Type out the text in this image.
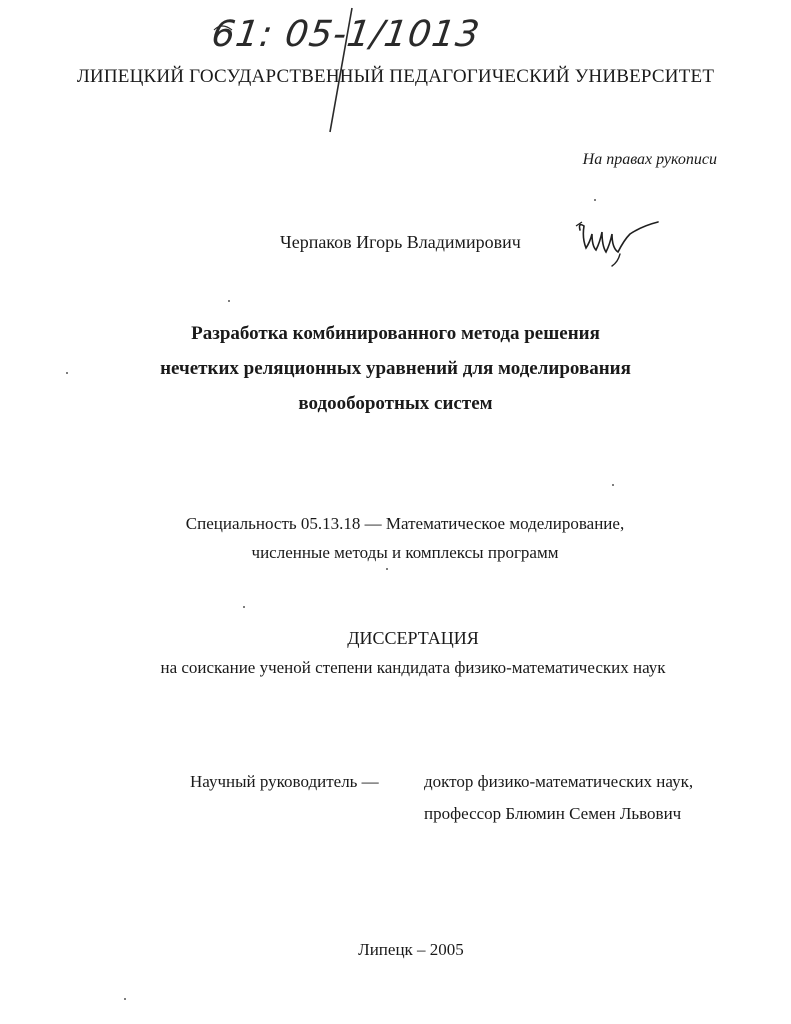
61: 05-1/1013
ЛИПЕЦКИЙ ГОСУДАРСТВЕННЫЙ ПЕДАГОГИЧЕСКИЙ УНИВЕРСИТЕТ
На правах рукописи
Черпаков Игорь Владимирович
Разработка комбинированного метода решения
нечетких реляционных уравнений для моделирования
водооборотных систем
Специальность 05.13.18 — Математическое моделирование,
численные методы и комплексы программ
ДИССЕРТАЦИЯ
на соискание ученой степени кандидата физико-математических наук
Научный руководитель —	доктор физико-математических наук,
профессор Блюмин Семен Львович
Липецк – 2005
